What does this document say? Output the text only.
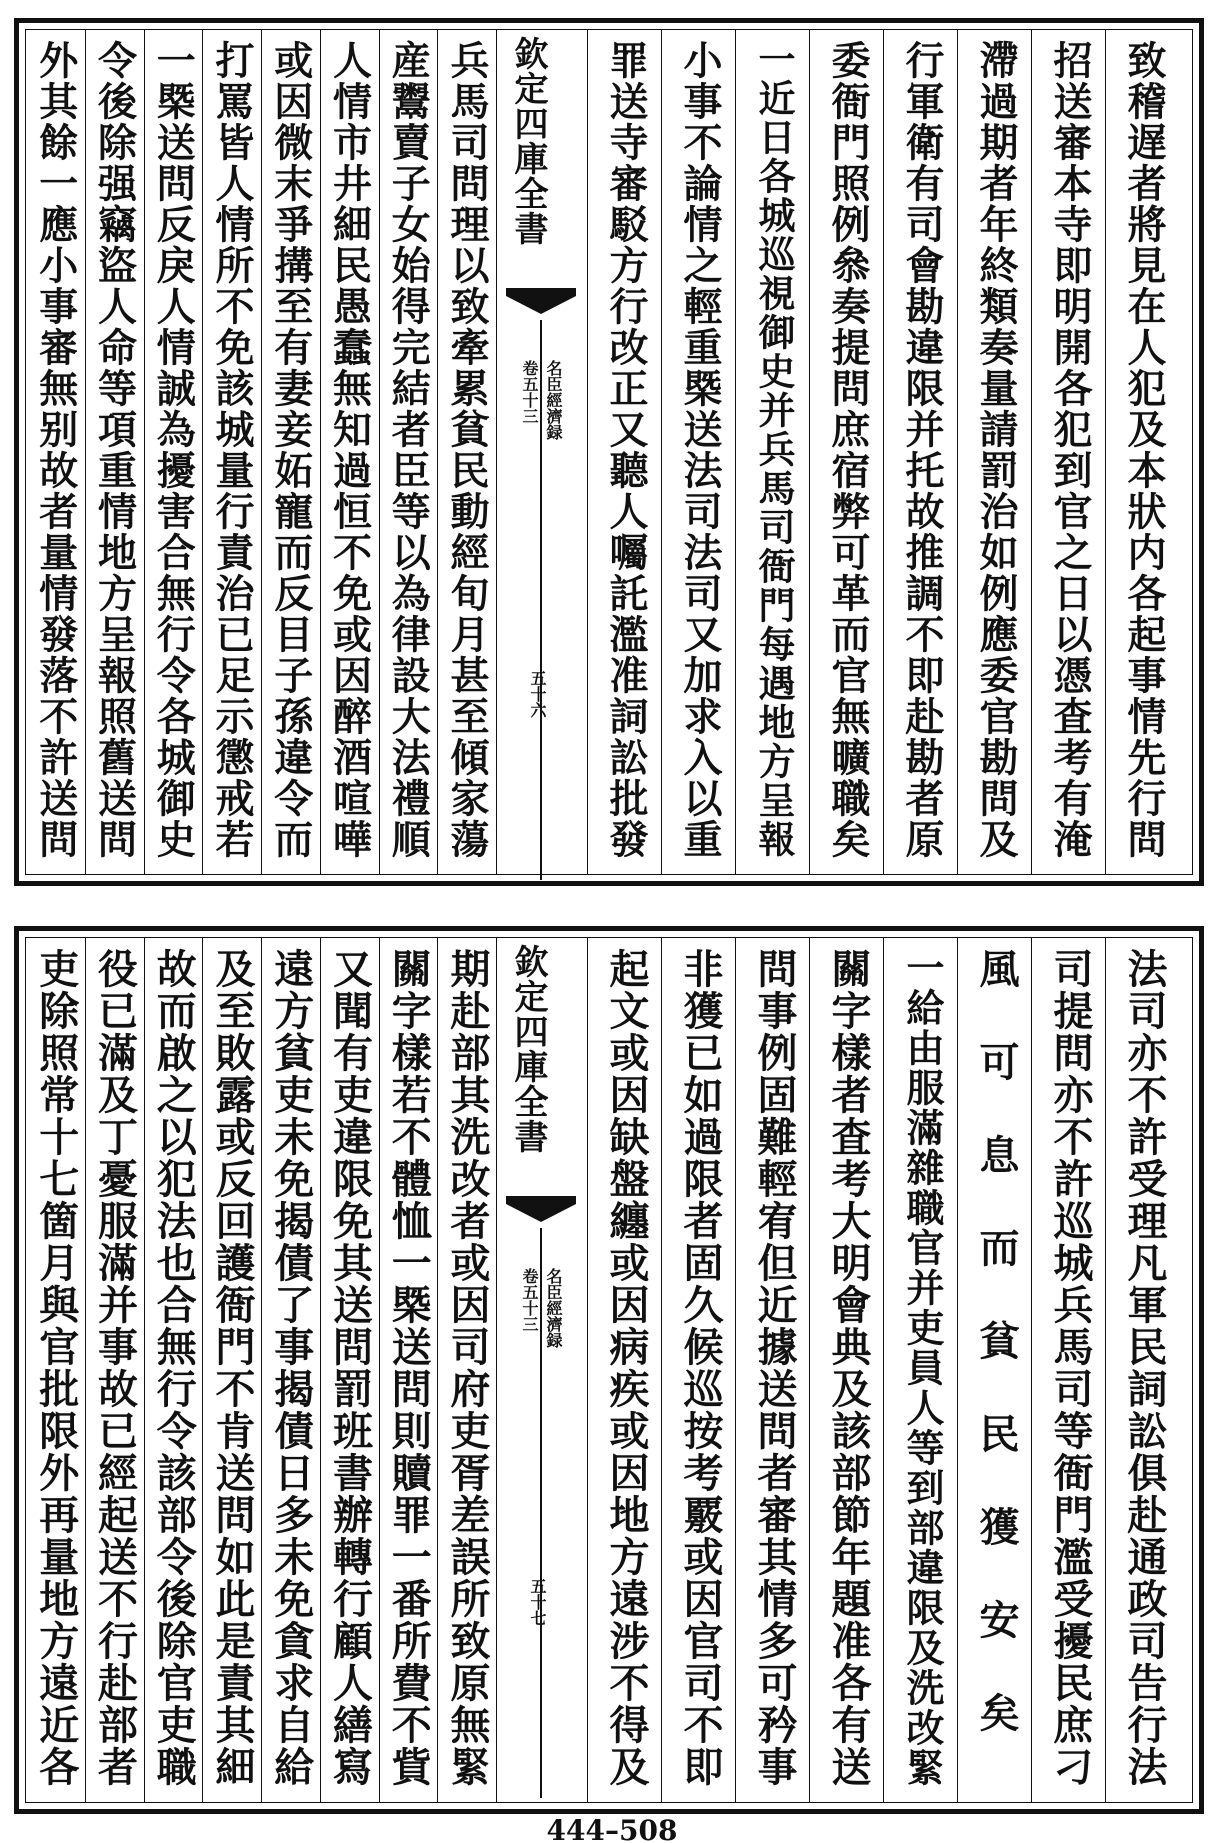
致稽遅者將見在人犯及本狀内各起事情先行問
招送審本寺即明開各犯到官之日以憑査考有淹
滯過期者年終類奏量請罰治如例應委官勘問及
行軍衛有司會勘違限并托故推調不即赴勘者原
委衙門照例叅奏提問庶宿弊可革而官無曠職矣
一近日各城巡視御史并兵馬司衙門每遇地方呈報
小事不論情之輕重槩送法司法司又加求入以重
罪送寺審駁方行改正又聽人囑託濫准詞訟批發
欽定四庫全書
名臣經濟録
卷五十三
五十六
兵馬司問理以致牽累貧民動經旬月甚至傾家蕩
産鬻賣子女始得完結者臣等以為律設大法禮順
人情市井細民愚蠢無知過恒不免或因醉酒喧嘩
或因微末爭搆至有妻妾妬寵而反目子孫違令而
打罵皆人情所不免該城量行責治已足示懲戒若
一槩送問反戾人情誠為擾害合無行令各城御史
令後除强竊盜人命等項重情地方呈報照舊送問
外其餘一應小事審無别故者量情發落不許送問
法司亦不許受理凡軍民詞訟俱赴通政司告行法
司提問亦不許巡城兵馬司等衙門濫受擾民庶刁
風可息而貧民獲安矣
一給由服滿雜職官并吏員人等到部違限及洗改緊
關字樣者査考大明會典及該部節年題准各有送
問事例固難輕宥但近據送問者審其情多可矜事
非獲已如過限者固久候巡按考覈或因官司不即
起文或因缺盤纏或因病疾或因地方遠涉不得及
欽定四庫全書
名臣經濟録
卷五十三
五十七
期赴部其洗改者或因司府吏胥差誤所致原無緊
關字樣若不體恤一槩送問則贖罪一番所費不貲
又聞有吏違限免其送問罰班書辦轉行顧人繕寫
遠方貧吏未免揭債了事揭債日多未免貪求自給
及至敗露或反回護衙門不肯送問如此是責其細
故而啟之以犯法也合無行令該部令後除官吏職
役已滿及丁憂服滿并事故已經起送不行赴部者
吏除照常十七箇月與官批限外再量地方遠近各
444–508
